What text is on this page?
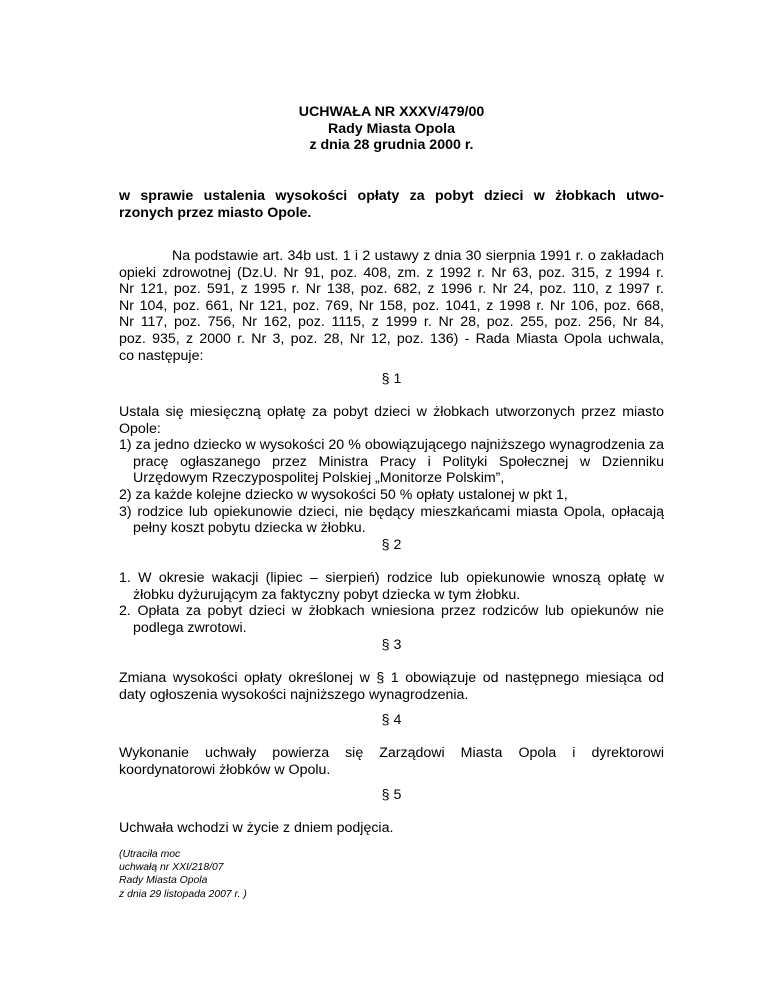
UCHWAŁA NR XXXV/479/00
Rady Miasta Opola
z dnia 28 grudnia 2000 r.
w sprawie ustalenia wysokości opłaty za pobyt dzieci w żłobkach utwo-
rzonych przez miasto Opole.
Na podstawie art. 34b ust. 1 i 2 ustawy z dnia 30 sierpnia 1991 r. o zakładach
opieki zdrowotnej (Dz.U. Nr 91, poz. 408, zm. z 1992 r. Nr 63, poz. 315, z 1994 r.
Nr 121, poz. 591, z 1995 r. Nr 138, poz. 682, z 1996 r. Nr 24, poz. 110, z 1997 r.
Nr 104, poz. 661, Nr 121, poz. 769, Nr 158, poz. 1041, z 1998 r. Nr 106, poz. 668,
Nr 117, poz. 756, Nr 162, poz. 1115, z 1999 r. Nr 28, poz. 255, poz. 256, Nr 84,
poz. 935, z 2000 r. Nr 3, poz. 28, Nr 12, poz. 136) - Rada Miasta Opola uchwala,
co następuje:
§ 1
Ustala się miesięczną opłatę za pobyt dzieci w żłobkach utworzonych przez miasto Opole:
1) za jedno dziecko w wysokości 20 % obowiązującego najniższego wynagrodzenia za pracę ogłaszanego przez Ministra Pracy i Polityki Społecznej w Dzienniku Urzędowym Rzeczypospolitej Polskiej „Monitorze Polskim”,
2) za każde kolejne dziecko w wysokości 50 % opłaty ustalonej w pkt 1,
3) rodzice lub opiekunowie dzieci, nie będący mieszkańcami miasta Opola, opłacają pełny koszt pobytu dziecka w żłobku.
§ 2
1. W okresie wakacji (lipiec – sierpień) rodzice lub opiekunowie wnoszą opłatę w żłobku dyżurującym za faktyczny pobyt dziecka w tym żłobku.
2. Opłata za pobyt dzieci w żłobkach wniesiona przez rodziców lub opiekunów nie podlega zwrotowi.
§ 3
Zmiana wysokości opłaty określonej w § 1 obowiązuje od następnego miesiąca od daty ogłoszenia wysokości najniższego wynagrodzenia.
§ 4
Wykonanie uchwały powierza się Zarządowi Miasta Opola i dyrektorowi
koordynatorowi żłobków w Opolu.
§ 5
Uchwała wchodzi w życie z dniem podjęcia.
(Utraciła moc
uchwałą nr XXI/218/07
Rady Miasta Opola
z dnia 29 listopada 2007 r. )
